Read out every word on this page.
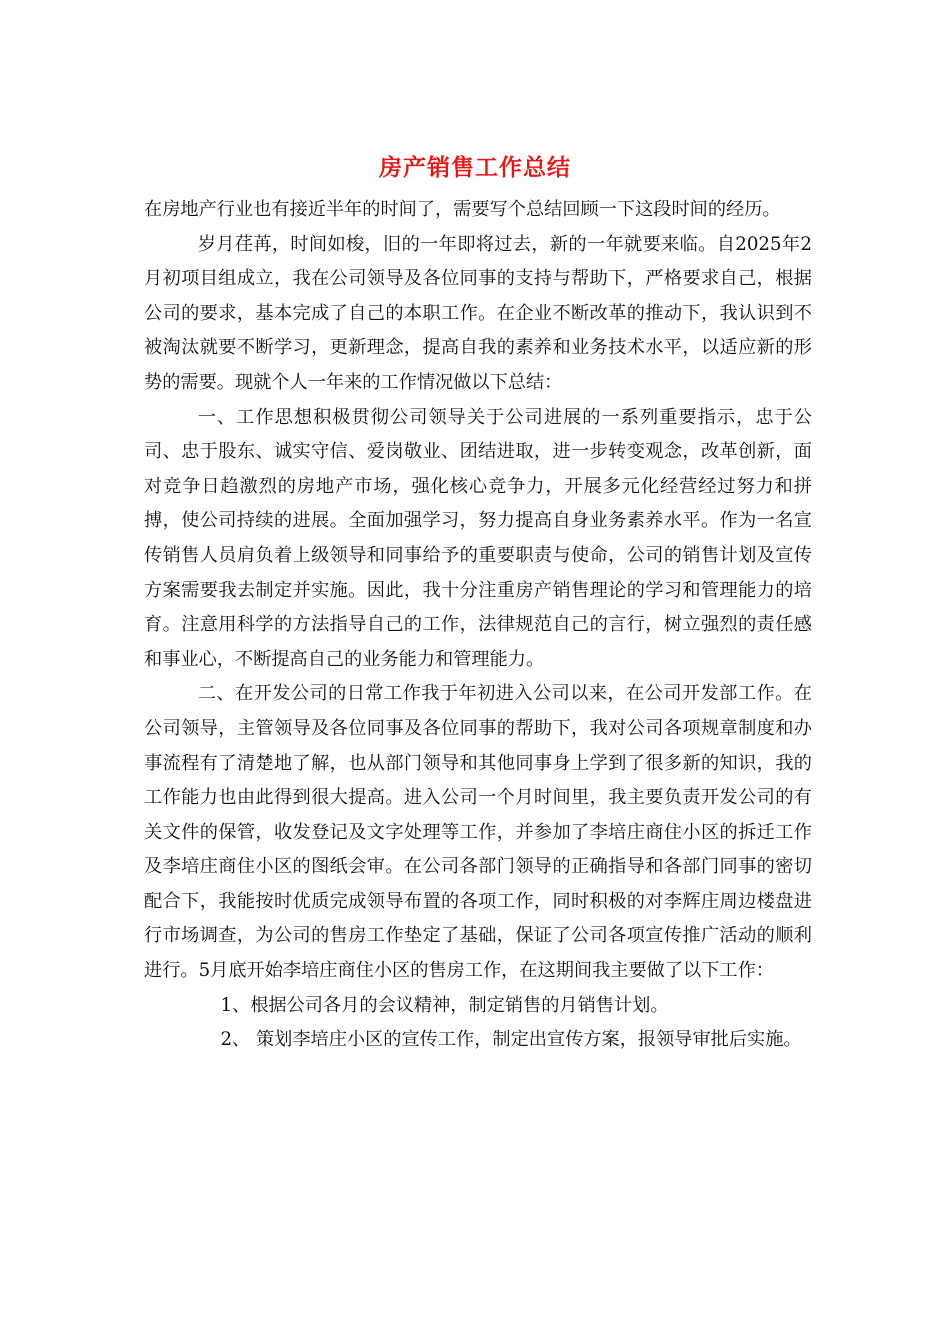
房产销售工作总结

在房地产行业也有接近半年的时间了，需要写个总结回顾一下这段时间的经历。

岁月荏苒，时间如梭，旧的一年即将过去，新的一年就要来临。自2025年2月初项目组成立，我在公司领导及各位同事的支持与帮助下，严格要求自己，根据公司的要求，基本完成了自己的本职工作。在企业不断改革的推动下，我认识到不被淘汰就要不断学习，更新理念，提高自我的素养和业务技术水平，以适应新的形势的需要。现就个人一年来的工作情况做以下总结：

一、工作思想积极贯彻公司领导关于公司进展的一系列重要指示，忠于公司、忠于股东、诚实守信、爱岗敬业、团结进取，进一步转变观念，改革创新，面对竞争日趋激烈的房地产市场，强化核心竞争力，开展多元化经营经过努力和拼搏，使公司持续的进展。全面加强学习，努力提高自身业务素养水平。作为一名宣传销售人员肩负着上级领导和同事给予的重要职责与使命，公司的销售计划及宣传方案需要我去制定并实施。因此，我十分注重房产销售理论的学习和管理能力的培育。注意用科学的方法指导自己的工作，法律规范自己的言行，树立强烈的责任感和事业心，不断提高自己的业务能力和管理能力。

二、在开发公司的日常工作我于年初进入公司以来，在公司开发部工作。在公司领导，主管领导及各位同事及各位同事的帮助下，我对公司各项规章制度和办事流程有了清楚地了解，也从部门领导和其他同事身上学到了很多新的知识，我的工作能力也由此得到很大提高。进入公司一个月时间里，我主要负责开发公司的有关文件的保管，收发登记及文字处理等工作，并参加了李培庄商住小区的拆迁工作及李培庄商住小区的图纸会审。在公司各部门领导的正确指导和各部门同事的密切配合下，我能按时优质完成领导布置的各项工作，同时积极的对李辉庄周边楼盘进行市场调查，为公司的售房工作垫定了基础，保证了公司各项宣传推广活动的顺利进行。5月底开始李培庄商住小区的售房工作，在这期间我主要做了以下工作：

1、根据公司各月的会议精神，制定销售的月销售计划。

2、 策划李培庄小区的宣传工作，制定出宣传方案，报领导审批后实施。
